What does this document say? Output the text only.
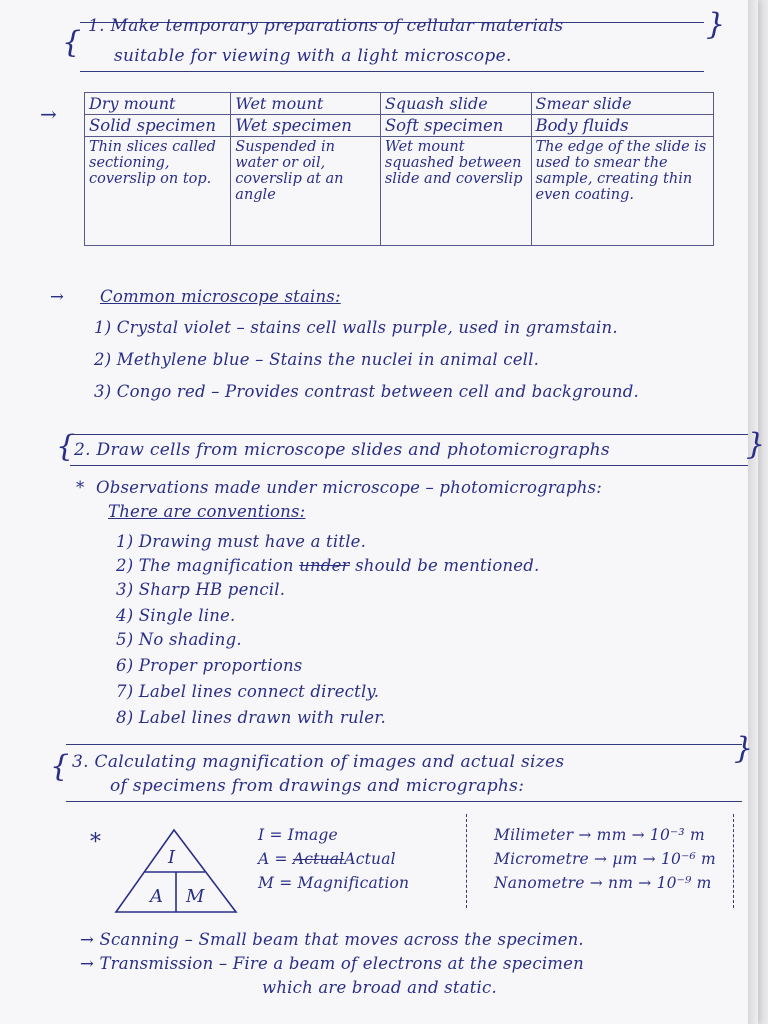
{
}
1. Make temporary preparations of cellular materials
suitable for viewing with a light microscope.
→ Dry mount	Wet mount	Squash slide	Smear slide
Solid specimen	Wet specimen	Soft specimen	Body fluids
Thin slices called sectioning, coverslip on top.	Suspended in water or oil, coverslip at an angle	Wet mount squashed between slide and coverslip	The edge of the slide is used to smear the sample, creating thin even coating.
→ Common microscope stains:
1) Crystal violet – stains cell walls purple, used in gramstain.
2) Methylene blue – Stains the nuclei in animal cell.
3) Congo red – Provides contrast between cell and background.
{	}
2. Draw cells from microscope slides and photomicrographs
* Observations made under microscope – photomicrographs:
There are conventions:
1) Drawing must have a title.
2) The magnification under should be mentioned.
3) Sharp HB pencil.
4) Single line.
5) No shading.
6) Proper proportions
7) Label lines connect directly.
8) Label lines drawn with ruler.
{
}
3. Calculating magnification of images and actual sizes
of specimens from drawings and micrographs:
*
I
A M
I = Image
A = ActualActual
M = Magnification
Milimeter → mm → 10⁻³ m
Micrometre → µm → 10⁻⁶ m
Nanometre → nm → 10⁻⁹ m
→ Scanning – Small beam that moves across the specimen.
→ Transmission – Fire a beam of electrons at the specimen
which are broad and static.
